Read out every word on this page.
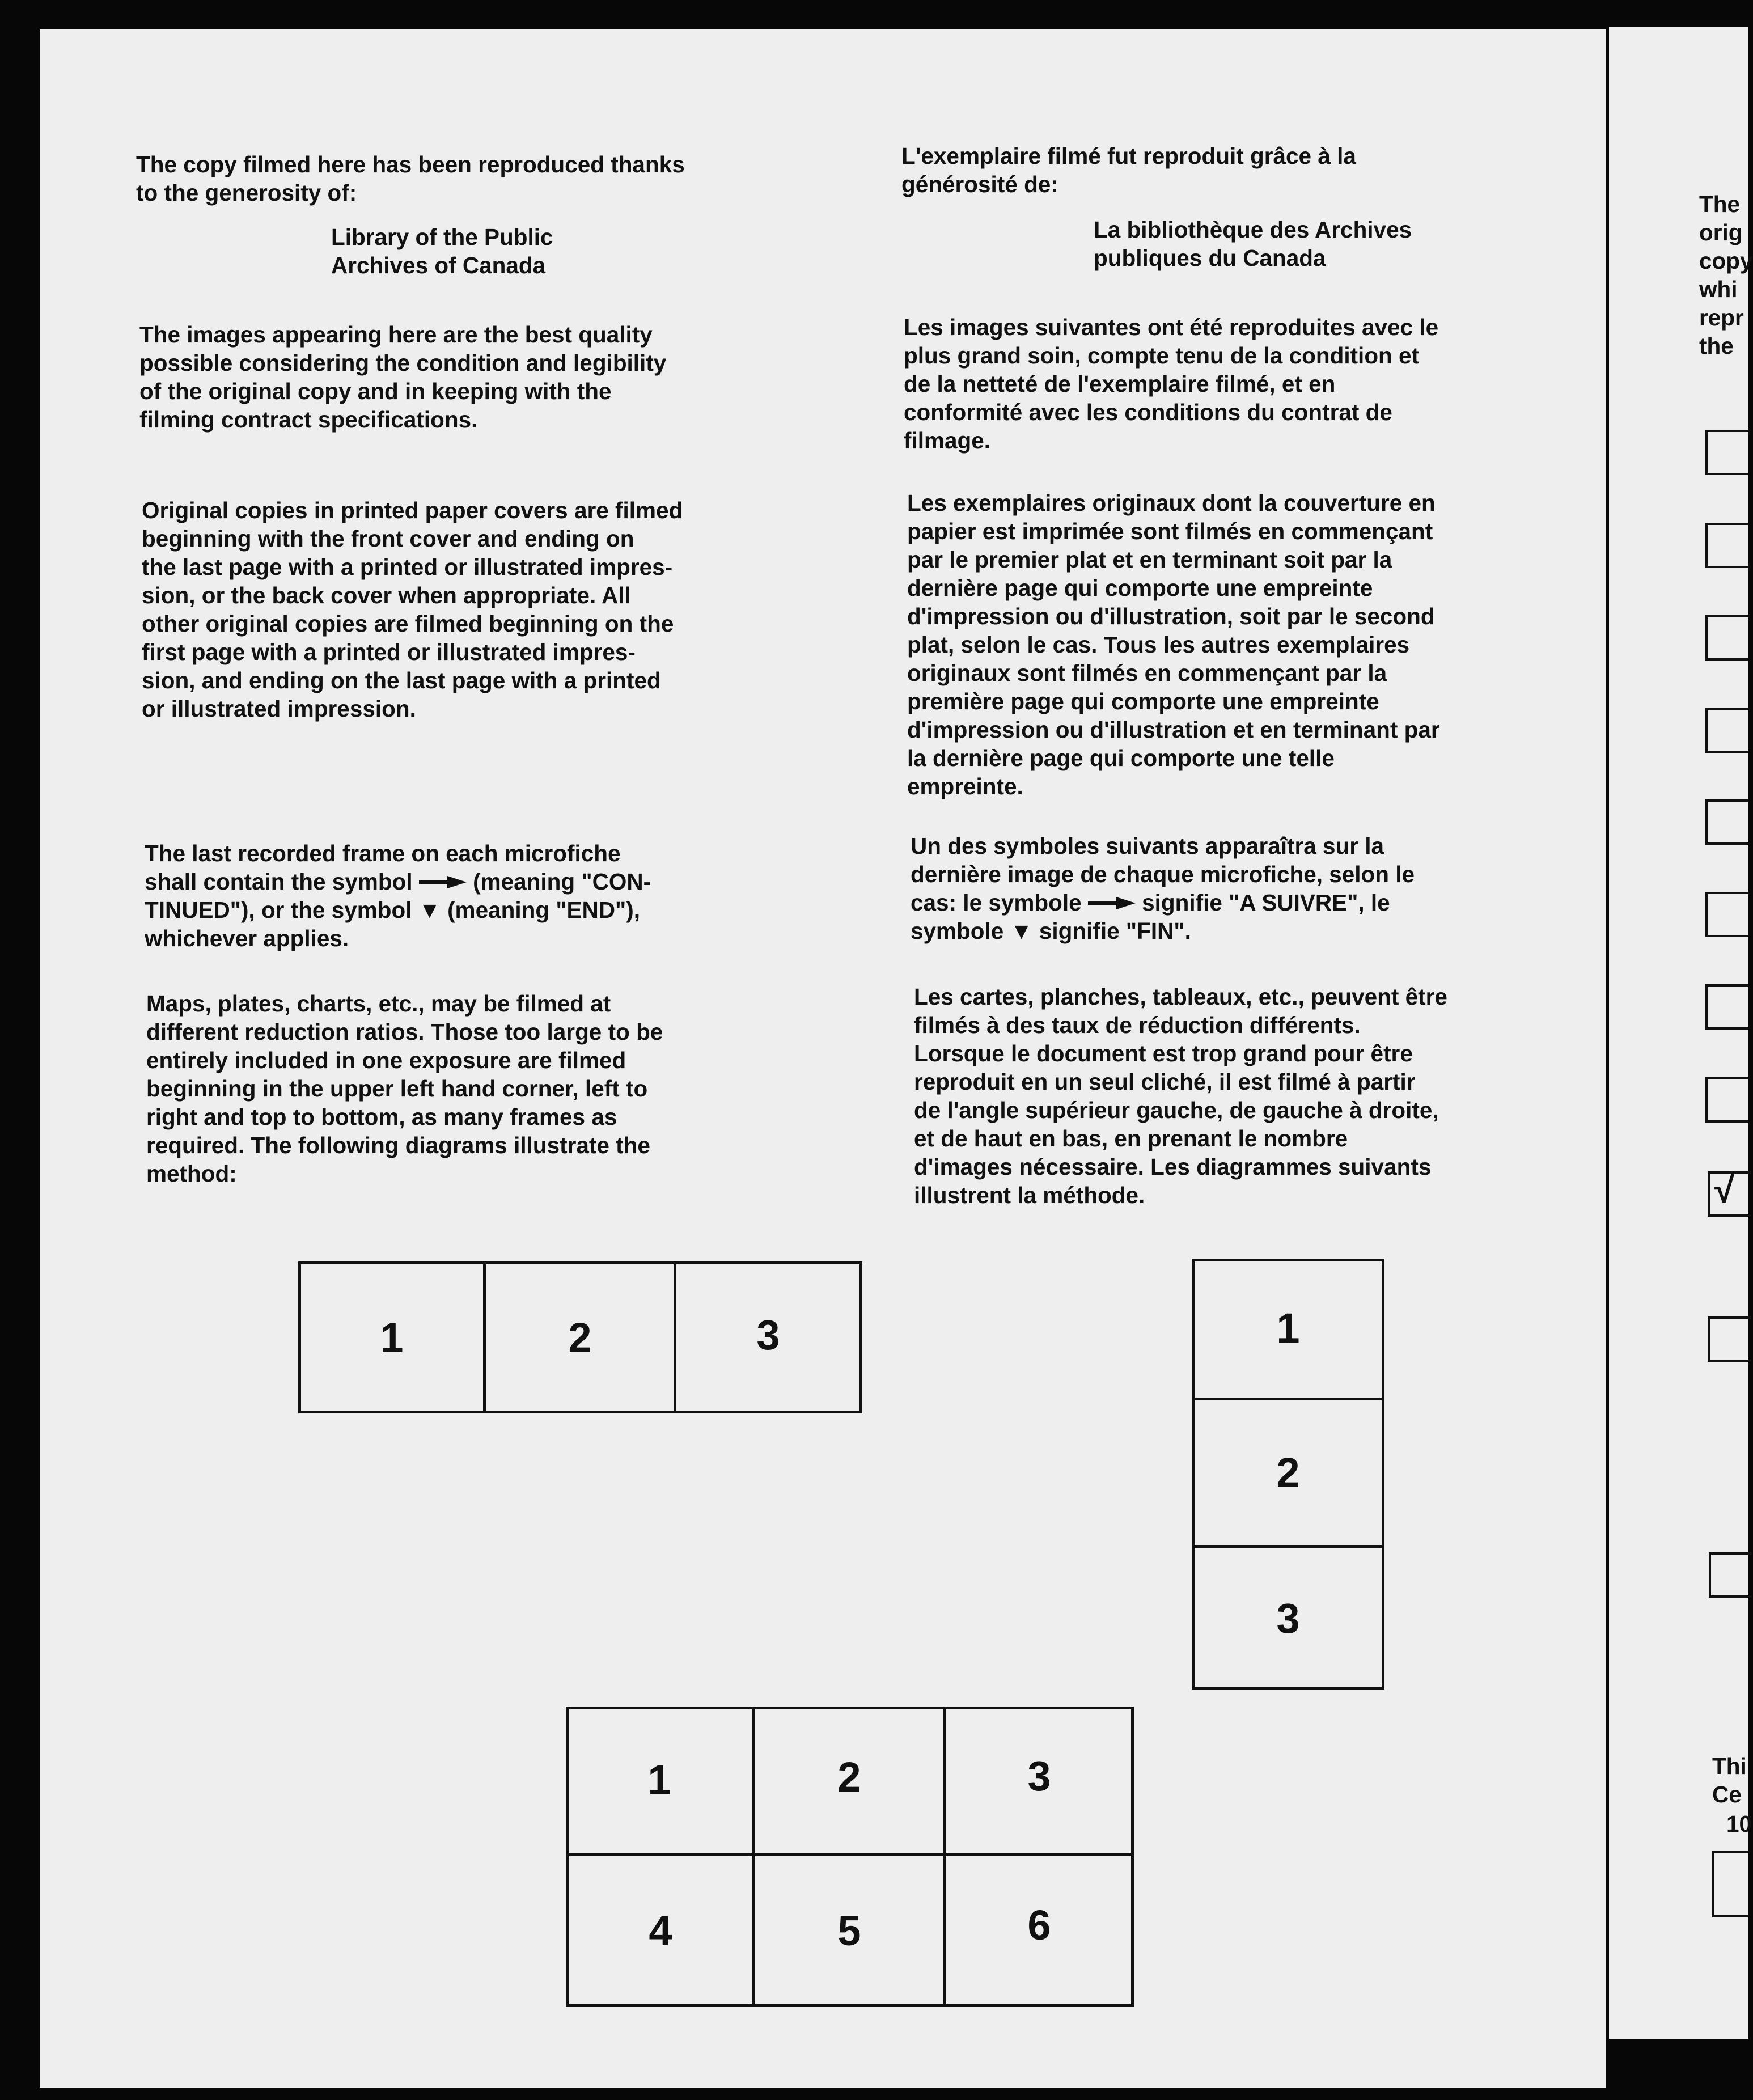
The copy filmed here has been reproduced thanks
to the generosity of:

Library of the Public
Archives of Canada

The images appearing here are the best quality
possible considering the condition and legibility
of the original copy and in keeping with the
filming contract specifications.

Original copies in printed paper covers are filmed
beginning with the front cover and ending on
the last page with a printed or illustrated impres-
sion, or the back cover when appropriate. All
other original copies are filmed beginning on the
first page with a printed or illustrated impres-
sion, and ending on the last page with a printed
or illustrated impression.

The last recorded frame on each microfiche
shall contain the symbol	(meaning "CON-
TINUED"), or the symbol ▼ (meaning "END"),
whichever applies.

Maps, plates, charts, etc., may be filmed at
different reduction ratios. Those too large to be
entirely included in one exposure are filmed
beginning in the upper left hand corner, left to
right and top to bottom, as many frames as
required. The following diagrams illustrate the
method:

L'exemplaire filmé fut reproduit grâce à la
générosité de:

La bibliothèque des Archives
publiques du Canada

Les images suivantes ont été reproduites avec le
plus grand soin, compte tenu de la condition et
de la netteté de l'exemplaire filmé, et en
conformité avec les conditions du contrat de
filmage.

Les exemplaires originaux dont la couverture en
papier est imprimée sont filmés en commençant
par le premier plat et en terminant soit par la
dernière page qui comporte une empreinte
d'impression ou d'illustration, soit par le second
plat, selon le cas. Tous les autres exemplaires
originaux sont filmés en commençant par la
première page qui comporte une empreinte
d'impression ou d'illustration et en terminant par
la dernière page qui comporte une telle
empreinte.

Un des symboles suivants apparaîtra sur la
dernière image de chaque microfiche, selon le
cas: le symbole	signifie "A SUIVRE", le
symbole ▼ signifie "FIN".

Les cartes, planches, tableaux, etc., peuvent être
filmés à des taux de réduction différents.
Lorsque le document est trop grand pour être
reproduit en un seul cliché, il est filmé à partir
de l'angle supérieur gauche, de gauche à droite,
et de haut en bas, en prenant le nombre
d'images nécessaire. Les diagrammes suivants
illustrent la méthode.

1	2	3	1
2
3
1	2	3
4	5	6
The
orig
copy
whi
repr
the
√
Thi
Ce
10
